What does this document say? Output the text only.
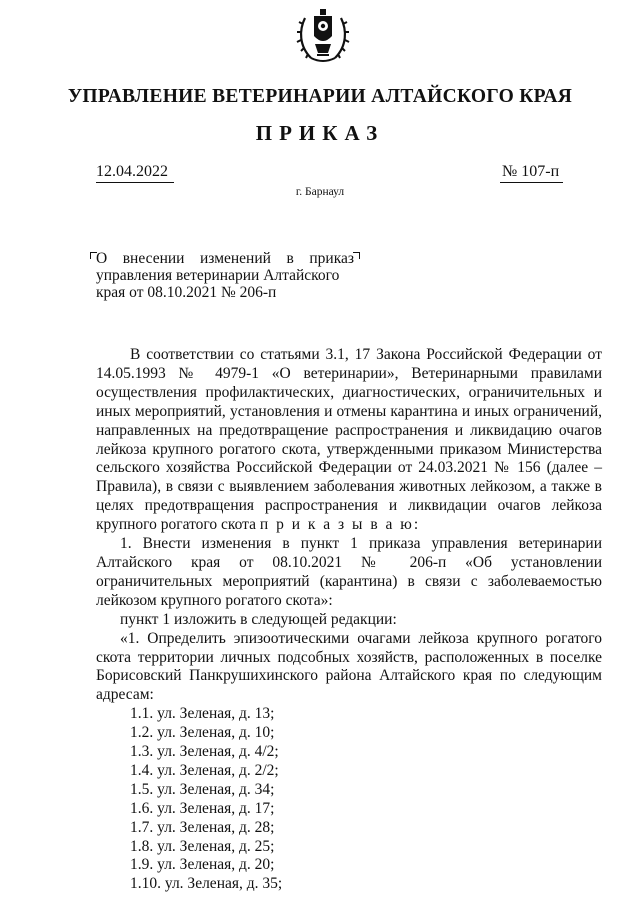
УПРАВЛЕНИЕ ВЕТЕРИНАРИИ АЛТАЙСКОГО КРАЯ
ПРИКАЗ
12.04.2022	№ 107-п
г. Барнаул
О внесении изменений в приказ
управления ветеринарии Алтайского
края от 08.10.2021 № 206-п

В соответствии со статьями 3.1, 17 Закона Российской Федерации от 14.05.1993 № 4979-1 «О ветеринарии», Ветеринарными правилами осуществления профилактических, диагностических, ограничительных и иных мероприятий, установления и отмены карантина и иных ограничений, направленных на предотвращение распространения и ликвидацию очагов лейкоза крупного рогатого скота, утвержденными приказом Министерства сельского хозяйства Российской Федерации от 24.03.2021 № 156 (далее – Правила), в связи с выявлением заболевания животных лейкозом, а также в целях предотвращения распространения и ликвидации очагов лейкоза крупного рогатого скота п р и к а з ы в а ю:

1. Внести изменения в пункт 1 приказа управления ветеринарии Алтайского края от 08.10.2021 № 206-п «Об установлении ограничительных мероприятий (карантина) в связи с заболеваемостью лейкозом крупного рогатого скота»:

пункт 1 изложить в следующей редакции:

«1. Определить эпизоотическими очагами лейкоза крупного рогатого скота территории личных подсобных хозяйств, расположенных в поселке Борисовский Панкрушихинского района Алтайского края по следующим адресам:

1.1. ул. Зеленая, д. 13;
1.2. ул. Зеленая, д. 10;
1.3. ул. Зеленая, д. 4/2;
1.4. ул. Зеленая, д. 2/2;
1.5. ул. Зеленая, д. 34;
1.6. ул. Зеленая, д. 17;
1.7. ул. Зеленая, д. 28;
1.8. ул. Зеленая, д. 25;
1.9. ул. Зеленая, д. 20;
1.10. ул. Зеленая, д. 35;
